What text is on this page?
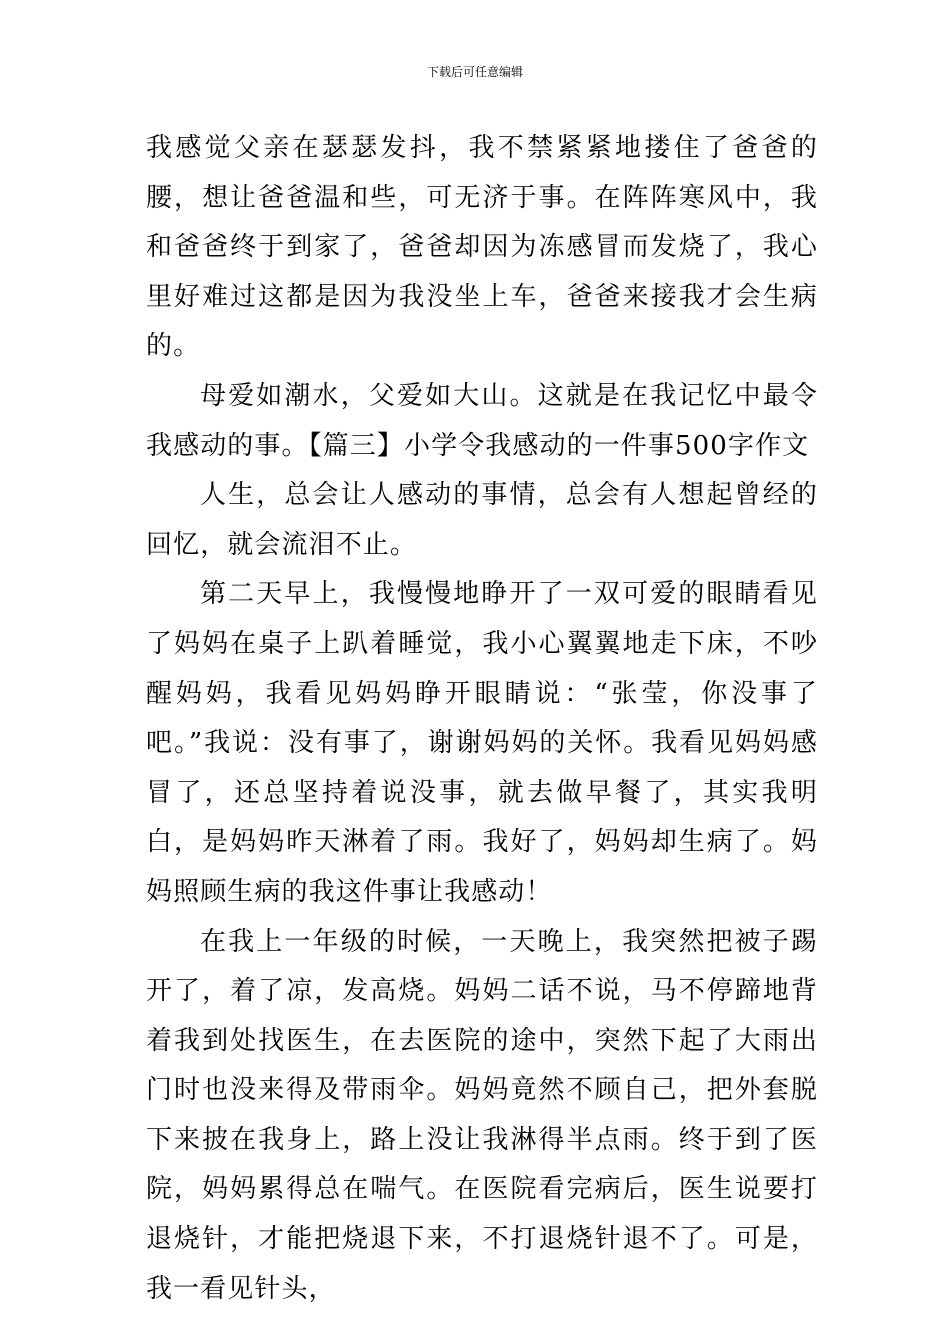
下载后可任意编辑

我感觉父亲在瑟瑟发抖，我不禁紧紧地搂住了爸爸的腰，想让爸爸温和些，可无济于事。在阵阵寒风中，我和爸爸终于到家了，爸爸却因为冻感冒而发烧了，我心里好难过这都是因为我没坐上车，爸爸来接我才会生病的。

母爱如潮水，父爱如大山。这就是在我记忆中最令我感动的事。【篇三】小学令我感动的一件事500字作文

人生，总会让人感动的事情，总会有人想起曾经的回忆，就会流泪不止。

第二天早上，我慢慢地睁开了一双可爱的眼睛看见了妈妈在桌子上趴着睡觉，我小心翼翼地走下床，不吵醒妈妈，我看见妈妈睁开眼睛说：“张莹，你没事了吧。”我说：没有事了，谢谢妈妈的关怀。我看见妈妈感冒了，还总坚持着说没事，就去做早餐了，其实我明白，是妈妈昨天淋着了雨。我好了，妈妈却生病了。妈妈照顾生病的我这件事让我感动！

在我上一年级的时候，一天晚上，我突然把被子踢开了，着了凉，发高烧。妈妈二话不说，马不停蹄地背着我到处找医生，在去医院的途中，突然下起了大雨出门时也没来得及带雨伞。妈妈竟然不顾自己，把外套脱下来披在我身上，路上没让我淋得半点雨。终于到了医院，妈妈累得总在喘气。在医院看完病后，医生说要打退烧针，才能把烧退下来，不打退烧针退不了。可是，我一看见针头，
